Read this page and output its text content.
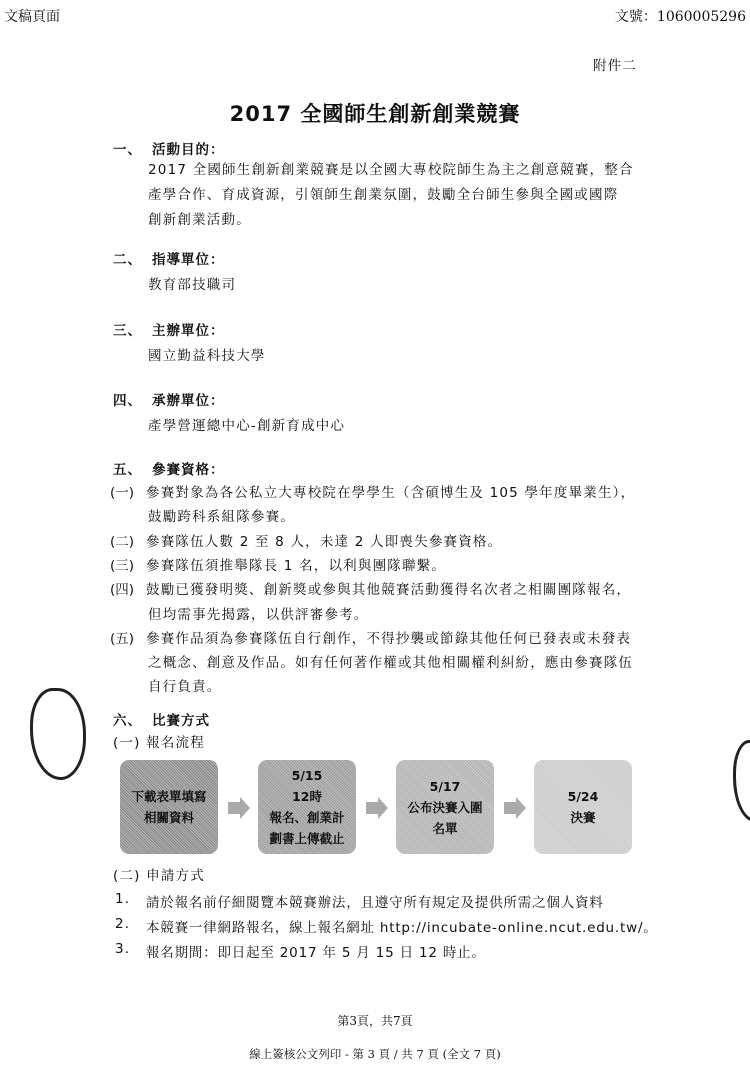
文稿頁面	文號：1060005296
附件二
2017 全國師生創新創業競賽
一、 活動目的：
2017 全國師生創新創業競賽是以全國大專校院師生為主之創意競賽，整合
產學合作、育成資源，引領師生創業氛圍，鼓勵全台師生參與全國或國際
創新創業活動。
二、 指導單位：
教育部技職司
三、 主辦單位：
國立勤益科技大學
四、 承辦單位：
產學營運總中心-創新育成中心
五、 參賽資格：
六、 比賽方式
(一) 參賽對象為各公私立大專校院在學學生（含碩博生及 105 學年度畢業生），
鼓勵跨科系組隊參賽。
(二) 參賽隊伍人數 2 至 8 人，未達 2 人即喪失參賽資格。
(三) 參賽隊伍須推舉隊長 1 名，以利與團隊聯繫。
(四) 鼓勵已獲發明獎、創新獎或參與其他競賽活動獲得名次者之相關團隊報名，
但均需事先揭露，以供評審參考。
(五) 參賽作品須為參賽隊伍自行創作，不得抄襲或節錄其他任何已發表或未發表
之概念、創意及作品。如有任何著作權或其他相關權利糾紛，應由參賽隊伍
自行負責。
(一) 報名流程
下載表單填寫
相關資料
5/15
12時
報名、創業計
劃書上傳截止
5/17
公布決賽入圍
名單
5/24
決賽
(二) 申請方式
1. 請於報名前仔細閱覽本競賽辦法，且遵守所有規定及提供所需之個人資料
2. 本競賽一律網路報名，線上報名網址 http://incubate-online.ncut.edu.tw/。
3. 報名期間：即日起至 2017 年 5 月 15 日 12 時止。
第3頁，共7頁
線上簽核公文列印 - 第 3 頁 / 共 7 頁 (全文 7 頁)
